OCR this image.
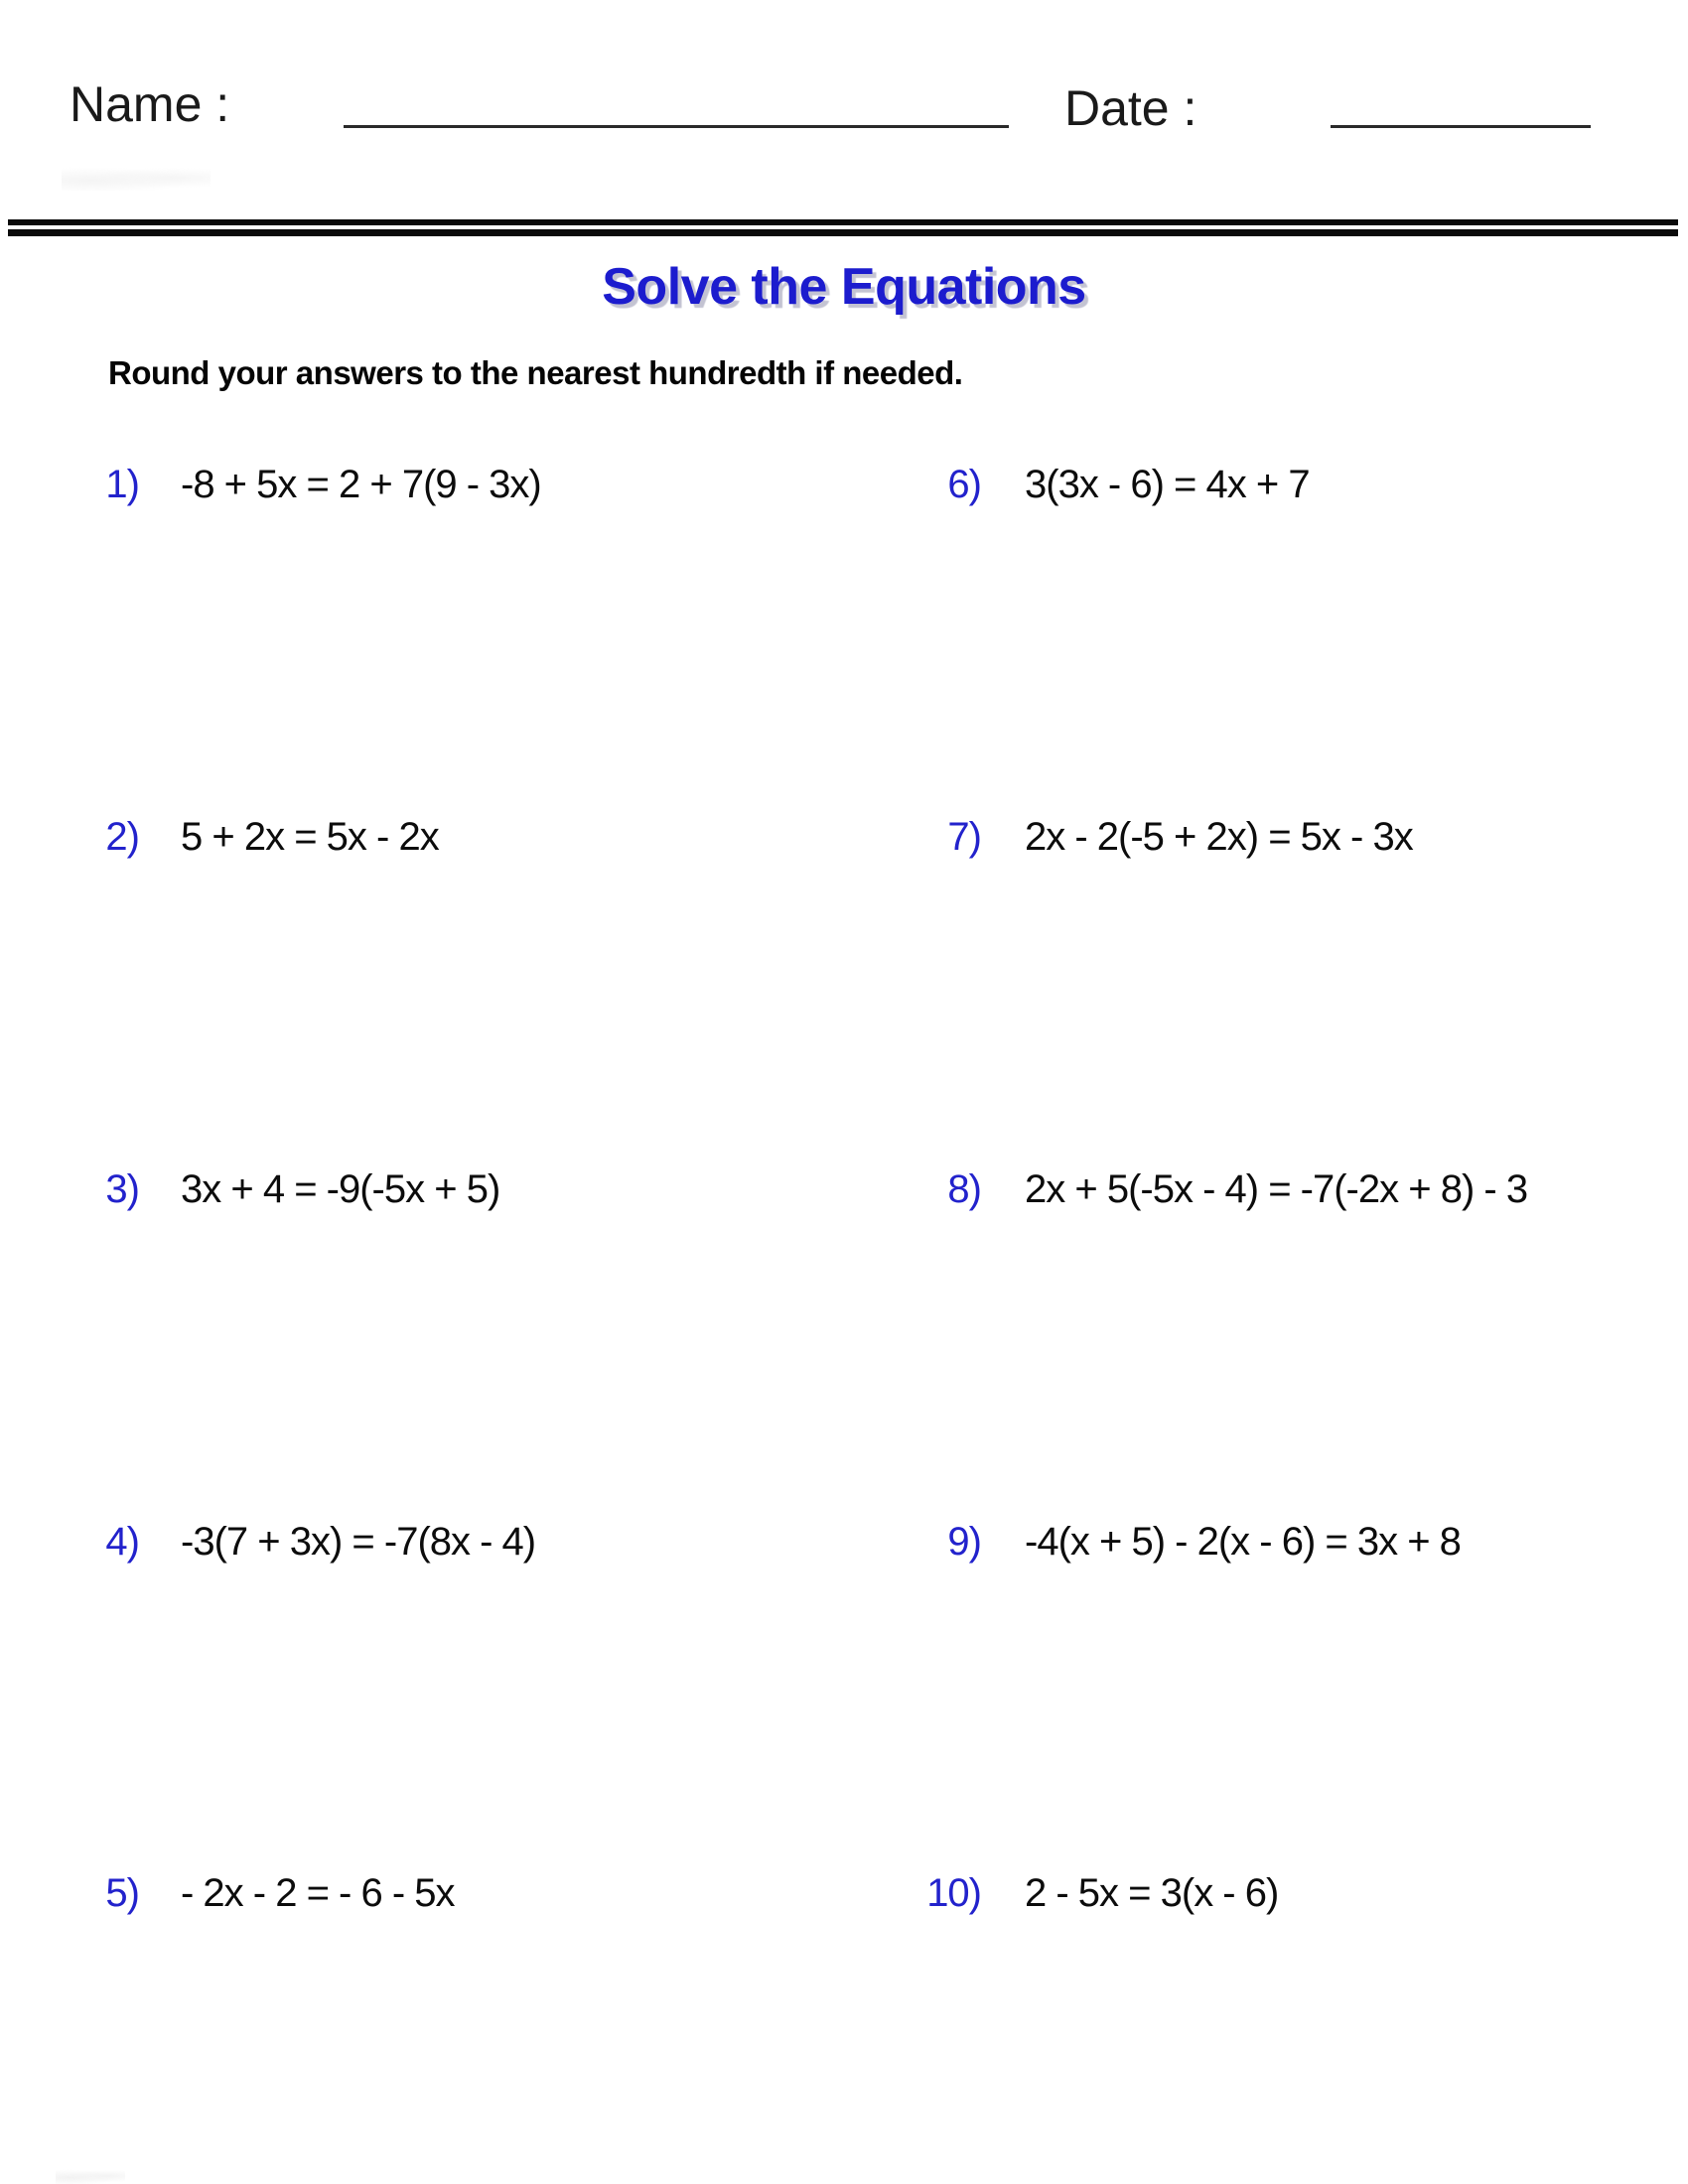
Name :	Date :
Solve the Equations
Round your answers to the nearest hundredth if needed.
1) -8 + 5x = 2 + 7(9 - 3x)
2) 5 + 2x = 5x - 2x
3) 3x + 4 = -9(-5x + 5)
4) -3(7 + 3x) = -7(8x - 4)
5) - 2x - 2 = - 6 - 5x
6) 3(3x - 6) = 4x + 7
7) 2x - 2(-5 + 2x) = 5x - 3x
8) 2x + 5(-5x - 4) = -7(-2x + 8) - 3
9) -4(x + 5) - 2(x - 6) = 3x + 8
10) 2 - 5x = 3(x - 6)
